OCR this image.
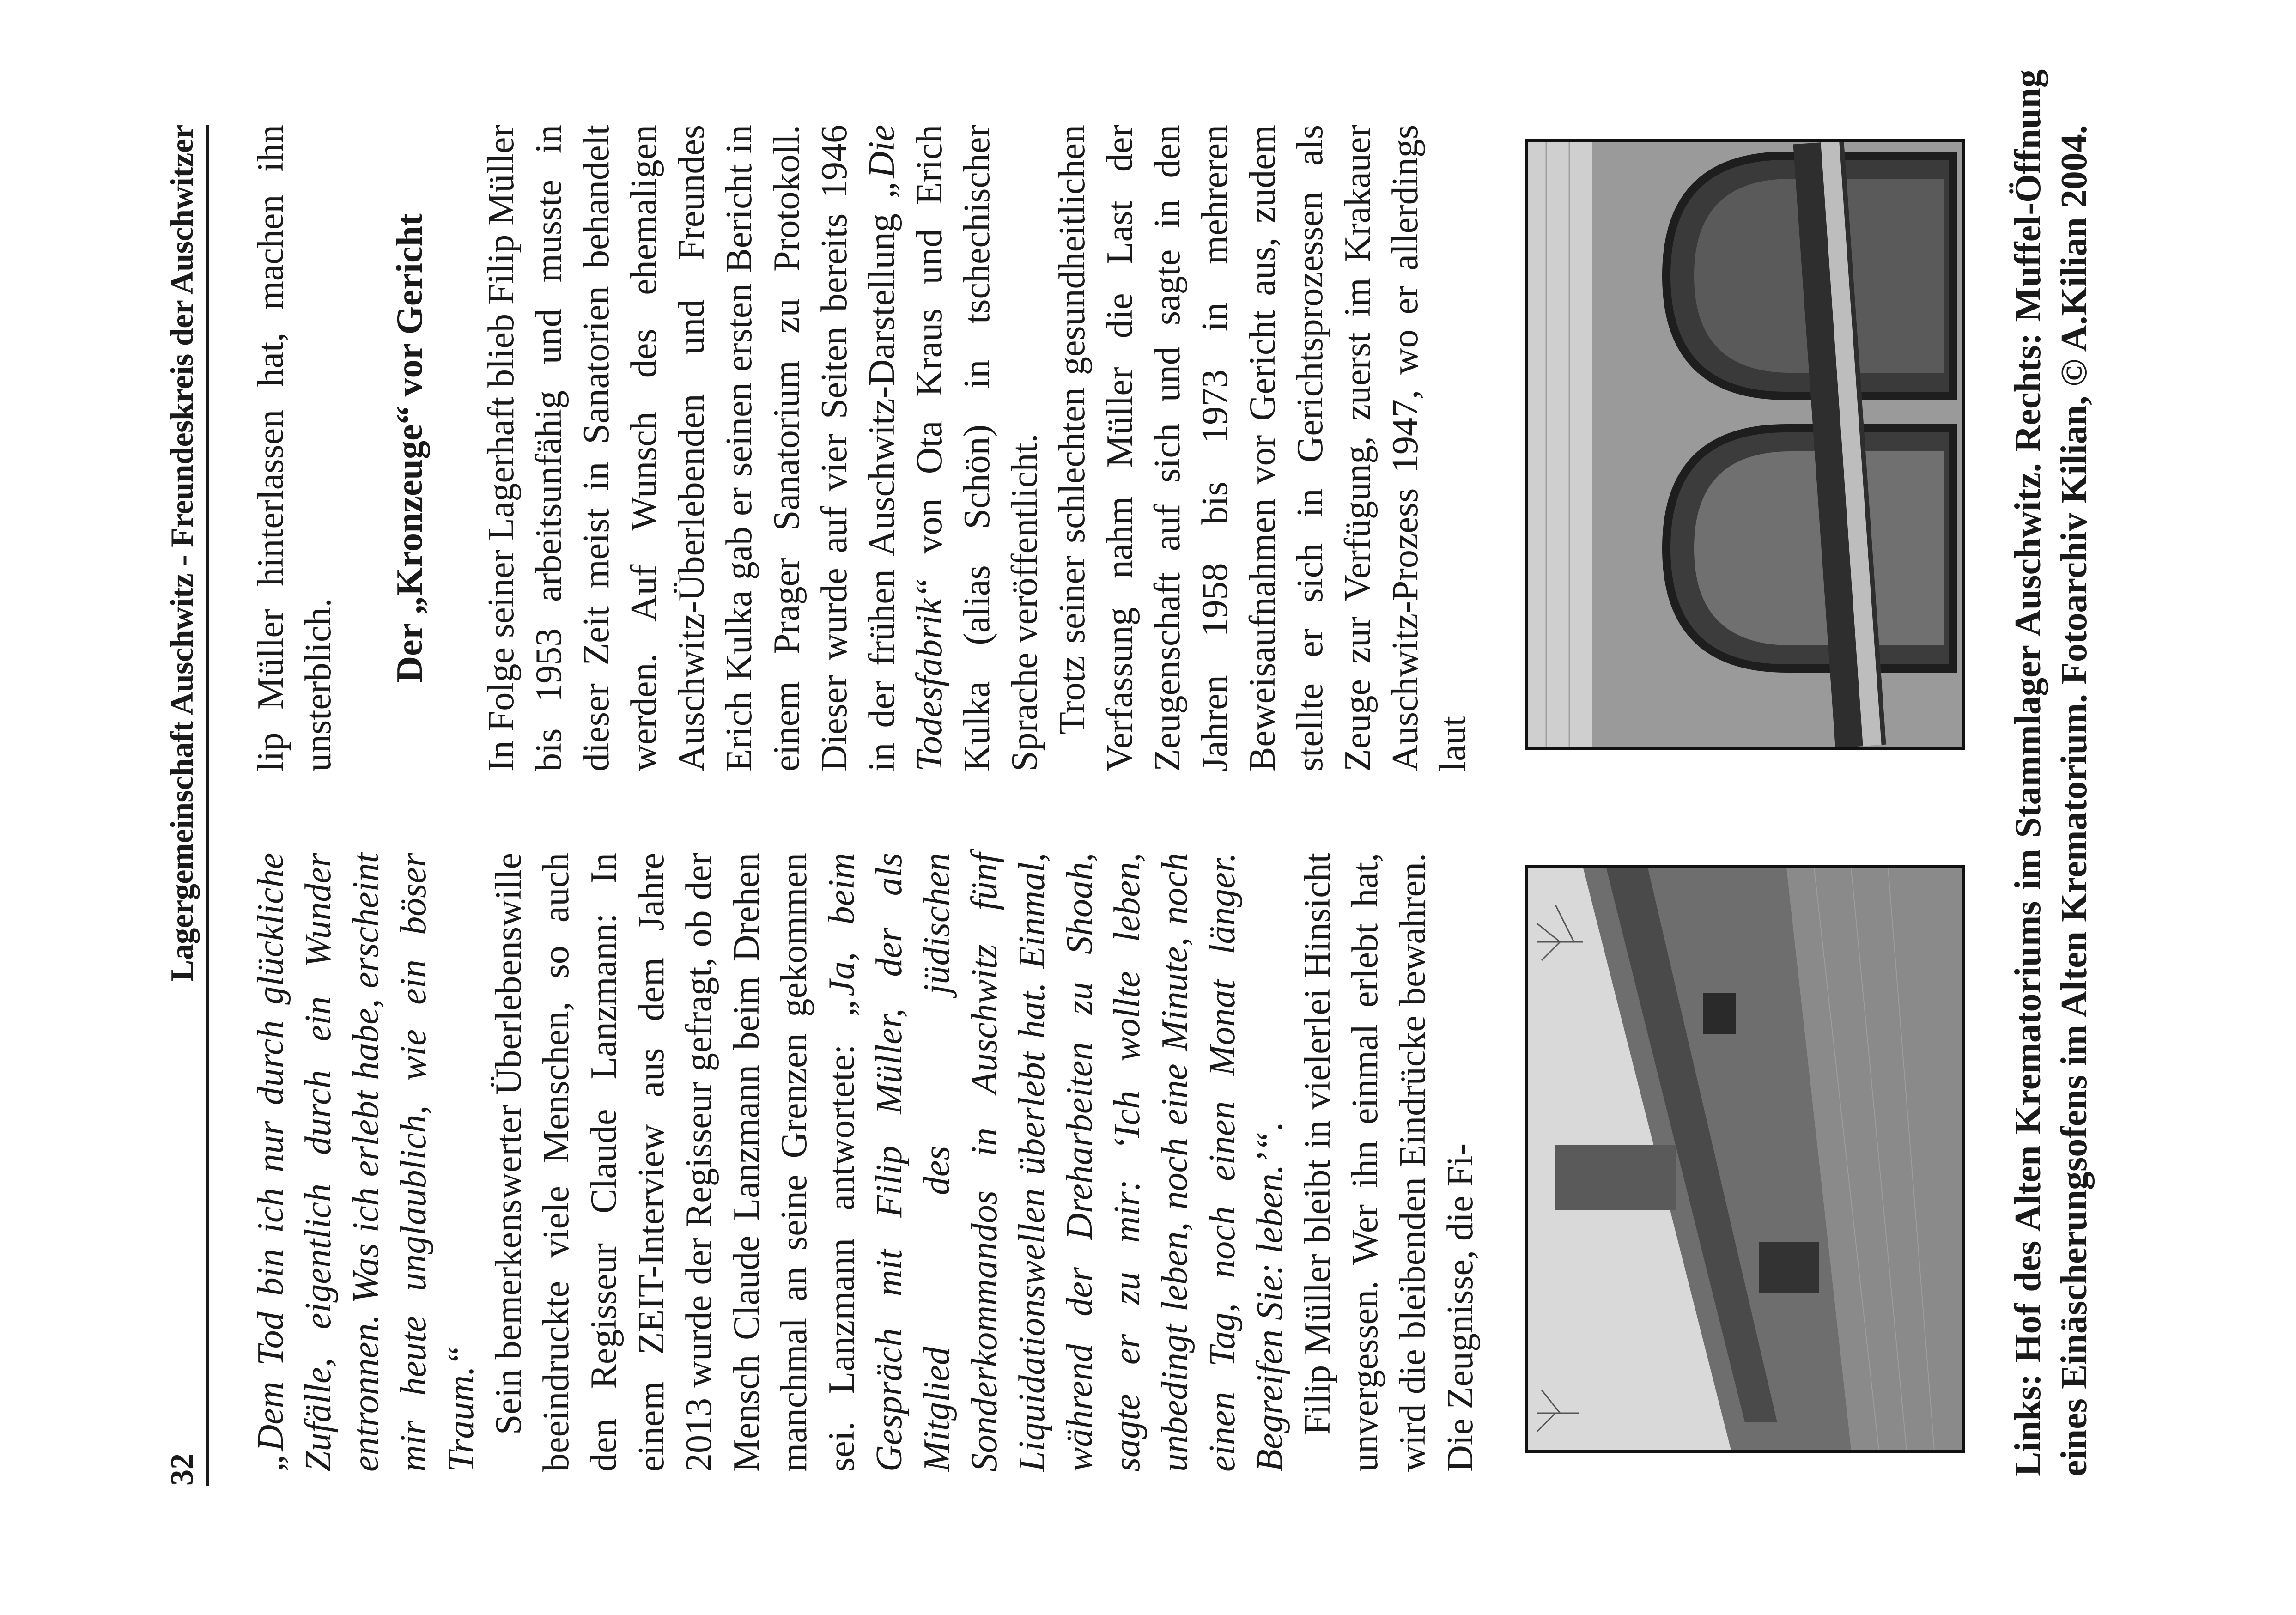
32
Lagergemeinschaft Auschwitz - Freundeskreis der Auschwitzer

„Dem Tod bin ich nur durch glückliche Zufälle, eigentlich durch ein Wunder entronnen. Was ich erlebt habe, erscheint mir heute unglaublich, wie ein böser Traum.“ Sein bemerkenswerter Überlebenswille beeindruckte viele Menschen, so auch den Regisseur Claude Lanzmann: In einem ZEIT-Interview aus dem Jahre 2013 wurde der Regisseur gefragt, ob der Mensch Claude Lanzmann beim Drehen manchmal an seine Grenzen gekommen sei. Lanzmann antwortete: „Ja, beim Gespräch mit Filip Müller, der als Mitglied des jüdischen Sonderkommandos in Auschwitz fünf Liquidationswellen überlebt hat. Einmal, während der Dreharbeiten zu Shoah, sagte er zu mir: ‘Ich wollte leben, unbedingt leben, noch eine Minute, noch einen Tag, noch einen Monat länger. Begreifen Sie: leben.’“. Filip Müller bleibt in vielerlei Hinsicht unvergessen. Wer ihn einmal erlebt hat, wird die bleibenden Eindrücke bewahren. Die Zeugnisse, die Fi-

lip Müller hinterlassen hat, machen ihn unsterblich.

Der „Kronzeuge“ vor Gericht In Folge seiner Lagerhaft blieb Filip Müller bis 1953 arbeitsunfähig und musste in dieser Zeit meist in Sanatorien behandelt werden. Auf Wunsch des ehemaligen Auschwitz-Überlebenden und Freundes Erich Kulka gab er seinen ersten Bericht in einem Prager Sanatorium zu Protokoll. Dieser wurde auf vier Seiten bereits 1946 in der frühen Auschwitz-Darstellung „Die Todesfabrik“ von Ota Kraus und Erich Kulka (alias Schön) in tschechischer Sprache veröffentlicht. Trotz seiner schlechten gesundheitlichen Verfassung nahm Müller die Last der Zeugenschaft auf sich und sagte in den Jahren 1958 bis 1973 in mehreren Beweisaufnahmen vor Gericht aus, zudem stellte er sich in Gerichtsprozessen als Zeuge zur Verfügung, zuerst im Krakauer Auschwitz-Prozess 1947, wo er allerdings laut	Links: Hof des Alten Krematoriums im Stammlager Auschwitz. Rechts: Muffel-Öffnung eines Einäscherungsofens im Alten Krematorium. Fotoarchiv Kilian, © A.Kilian 2004.
